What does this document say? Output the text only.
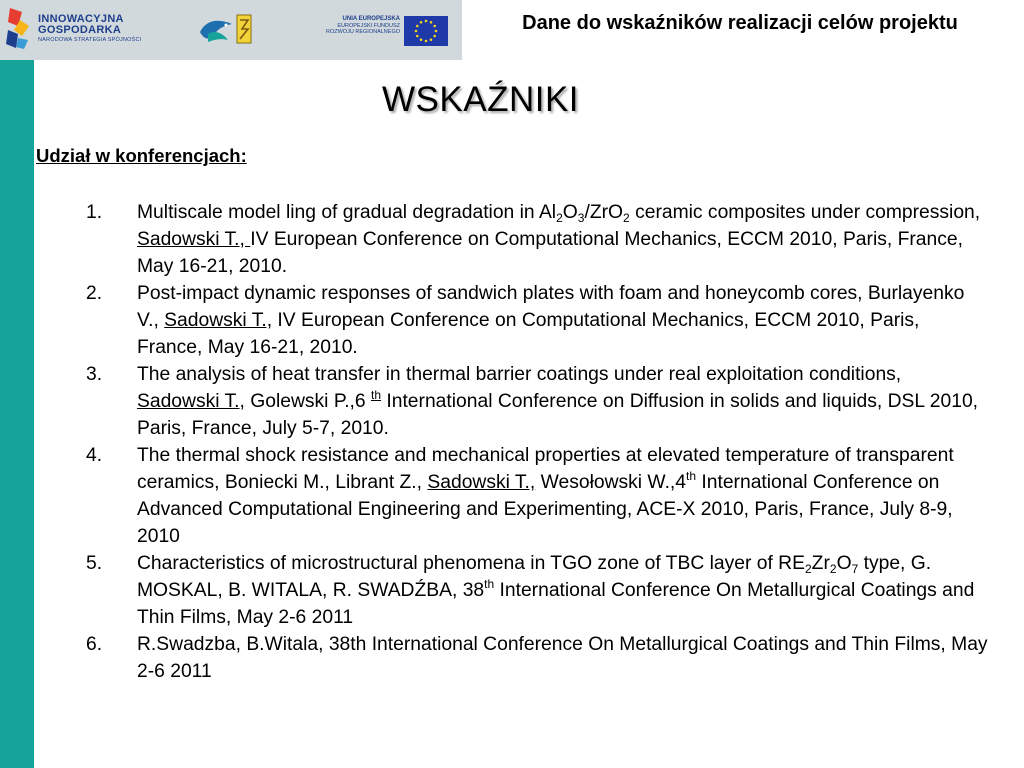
INNOWACYJNA
GOSPODARKA
NARODOWA STRATEGIA SPÓJNOŚCI
UNIA EUROPEJSKA
EUROPEJSKI FUNDUSZ
ROZWOJU REGIONALNEGO	Dane do wskaźników realizacji celów projektu
WSKAŹNIKI
Udział w konferencjach:
1. Multiscale model ling of gradual degradation in $Al_2O_3/ZrO_2$ ceramic composites under compression, Sadowski T., IV European Conference on Computational Mechanics, ECCM 2010, Paris, France, May 16-21, 2010.
2. Post-impact dynamic responses of sandwich plates with foam and honeycomb cores, Burlayenko V., Sadowski T., IV European Conference on Computational Mechanics, ECCM 2010, Paris, France, May 16-21, 2010.
3. The analysis of heat transfer in thermal barrier coatings under real exploitation conditions, Sadowski T., Golewski P.,6 $^{th}$ International Conference on Diffusion in solids and liquids, DSL 2010, Paris, France, July 5-7, 2010.
4. The thermal shock resistance and mechanical properties at elevated temperature of transparent ceramics, Boniecki M., Librant Z., Sadowski T., Wesołowski W.,4th International Conference on Advanced Computational Engineering and Experimenting, ACE-X 2010, Paris, France, July 8-9, 2010
5. Characteristics of microstructural phenomena in TGO zone of TBC layer of $RE_2Zr_2O_7$ type, G. MOSKAL, B. WITALA, R. SWADŹBA, 38th International Conference On Metallurgical Coatings and Thin Films, May 2-6 2011
6. R.Swadzba, B.Witala, 38th International Conference On Metallurgical Coatings and Thin Films, May 2-6 2011
